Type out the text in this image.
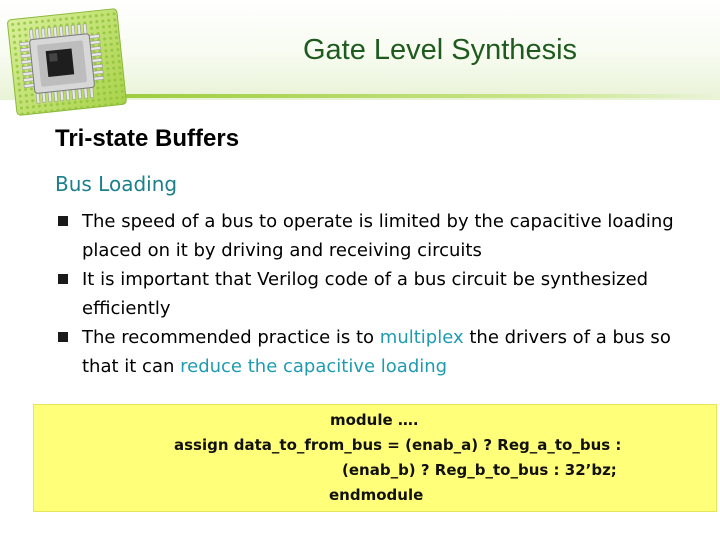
Gate Level Synthesis
Tri-state Buffers
Bus Loading
The speed of a bus to operate is limited by the capacitive loading placed on it by driving and receiving circuits
It is important that Verilog code of a bus circuit be synthesized efficiently
The recommended practice is to multiplex the drivers of a bus so that it can reduce the capacitive loading
module ….
assign data_to_from_bus = (enab_a) ? Reg_a_to_bus :
(enab_b) ? Reg_b_to_bus : 32’bz;
endmodule
